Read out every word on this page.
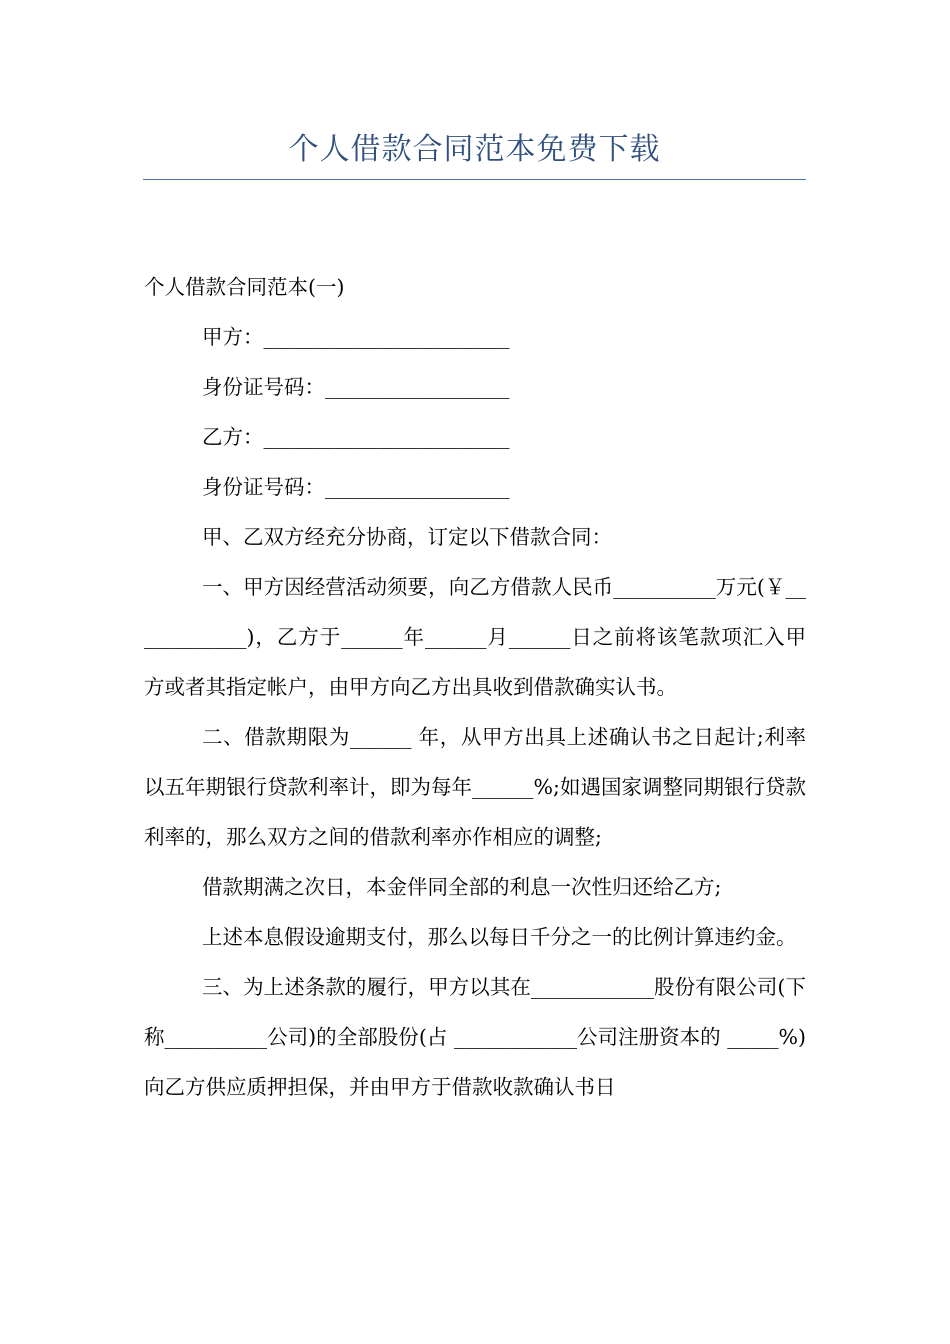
个人借款合同范本免费下载

个人借款合同范本(一)

甲方：________________________

身份证号码：__________________

乙方：________________________

身份证号码：__________________

甲、乙双方经充分协商，订定以下借款合同：

一、甲方因经营活动须要，向乙方借款人民币__________万元(￥____________)，乙方于______年______月______日之前将该笔款项汇入甲方或者其指定帐户，由甲方向乙方出具收到借款确实认书。

二、借款期限为______ 年，从甲方出具上述确认书之日起计;利率以五年期银行贷款利率计，即为每年______%;如遇国家调整同期银行贷款利率的，那么双方之间的借款利率亦作相应的调整;

借款期满之次日，本金伴同全部的利息一次性归还给乙方;

上述本息假设逾期支付，那么以每日千分之一的比例计算违约金。

三、为上述条款的履行，甲方以其在____________股份有限公司(下称__________公司)的全部股份(占 ____________公司注册资本的 _____%)向乙方供应质押担保，并由甲方于借款收款确认书日
